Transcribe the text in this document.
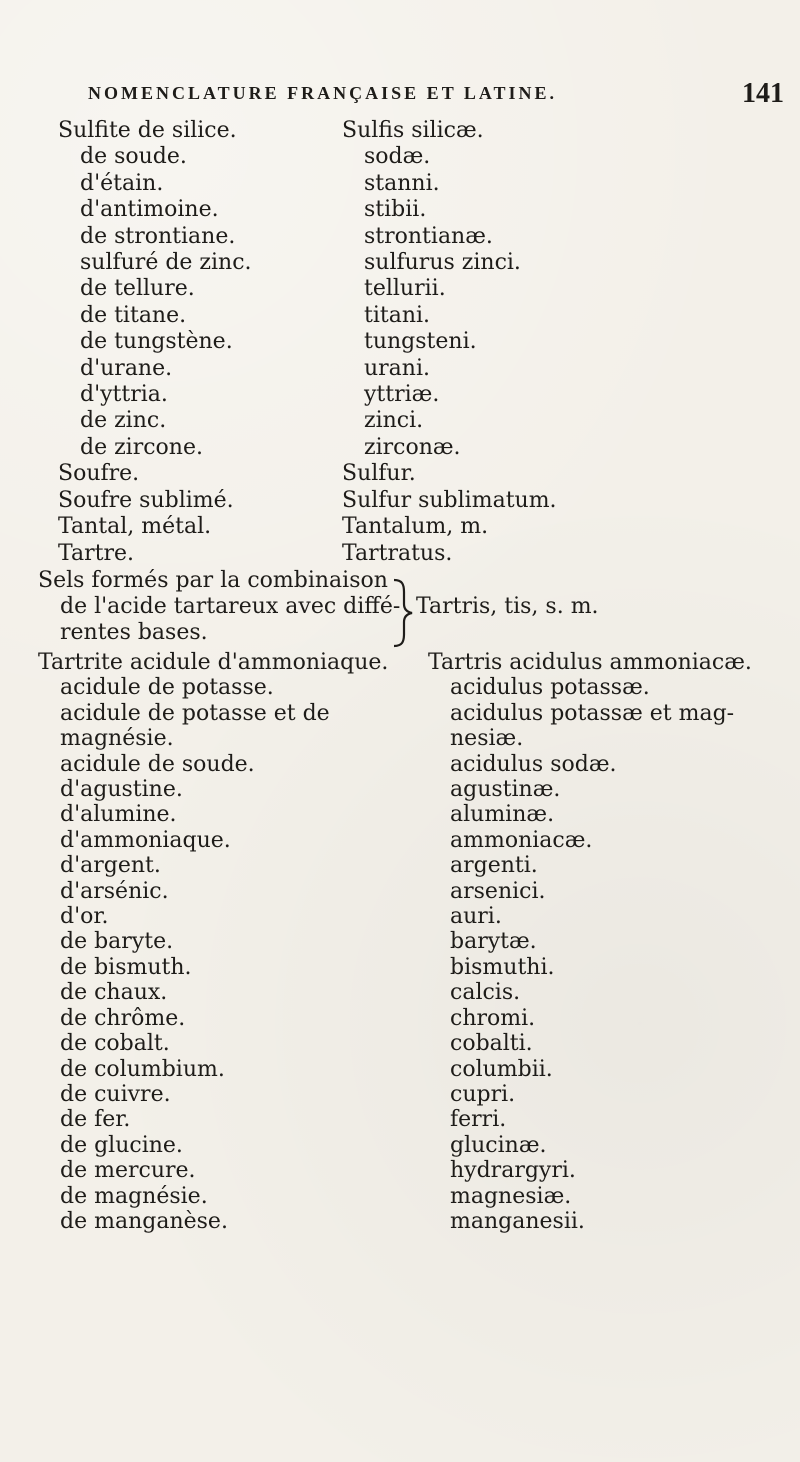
NOMENCLATURE FRANÇAISE ET LATINE.	141
Sulfite de silice.
de soude.
d'étain.
d'antimoine.
de strontiane.
sulfuré de zinc.
de tellure.
de titane.
de tungstène.
d'urane.
d'yttria.
de zinc.
de zircone.
Soufre.
Soufre sublimé.
Tantal, métal.
Tartre.
Sulfis silicæ.
sodæ.
stanni.
stibii.
strontianæ.
sulfurus zinci.
tellurii.
titani.
tungsteni.
urani.
yttriæ.
zinci.
zirconæ.
Sulfur.
Sulfur sublimatum.
Tantalum, m.
Tartratus.
Sels formés par la combinaison
de l'acide tartareux avec diffé-
rentes bases.
Tartris, tis, s. m.
Tartrite acidule d'ammoniaque.
acidule de potasse.
acidule de potasse et de
magnésie.
acidule de soude.
d'agustine.
d'alumine.
d'ammoniaque.
d'argent.
d'arsénic.
d'or.
de baryte.
de bismuth.
de chaux.
de chrôme.
de cobalt.
de columbium.
de cuivre.
de fer.
de glucine.
de mercure.
de magnésie.
de manganèse.
Tartris acidulus ammoniacæ.
acidulus potassæ.
acidulus potassæ et mag-
nesiæ.
acidulus sodæ.
agustinæ.
aluminæ.
ammoniacæ.
argenti.
arsenici.
auri.
barytæ.
bismuthi.
calcis.
chromi.
cobalti.
columbii.
cupri.
ferri.
glucinæ.
hydrargyri.
magnesiæ.
manganesii.
